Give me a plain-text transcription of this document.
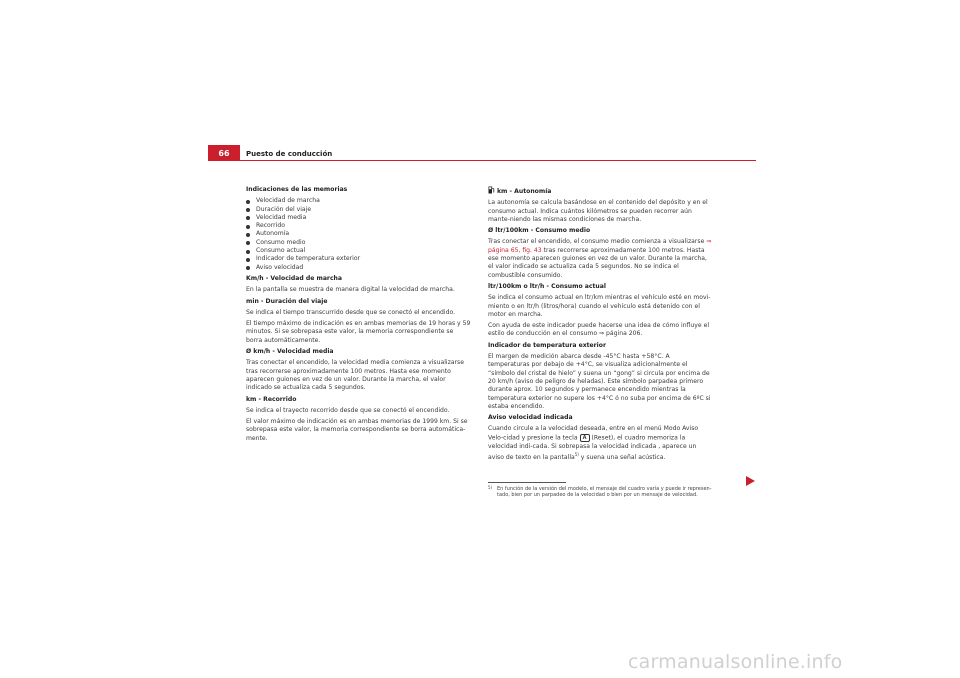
66	Puesto de conducción

Indicaciones de las memorias

Velocidad de marcha
Duración del viaje
Velocidad media
Recorrido
Autonomía
Consumo medio
Consumo actual
Indicador de temperatura exterior
Aviso velocidad

Km/h - Velocidad de marcha

En la pantalla se muestra de manera digital la velocidad de marcha.

min - Duración del viaje

Se indica el tiempo transcurrido desde que se conectó el encendido.

El tiempo máximo de indicación es en ambas memorias de 19 horas y 59 minutos. Si se sobrepasa este valor, la memoria correspondiente se borra automáticamente.

Ø km/h - Velocidad media

Tras conectar el encendido, la velocidad media comienza a visualizarse tras recorrerse aproximadamente 100 metros. Hasta ese momento aparecen guiones en vez de un valor. Durante la marcha, el valor indicado se actualiza cada 5 segundos.

km - Recorrido

Se indica el trayecto recorrido desde que se conectó el encendido.

El valor máximo de indicación es en ambas memorias de 1999 km. Si se sobrepasa este valor, la memoria correspondiente se borra automática-mente.

km - Autonomía

La autonomía se calcula basándose en el contenido del depósito y en el consumo actual. Indica cuántos kilómetros se pueden recorrer aún mante-niendo las mismas condiciones de marcha.

Ø ltr/100km - Consumo medio

Tras conectar el encendido, el consumo medio comienza a visualizarse ⇒ página 65, fig. 43 tras recorrerse aproximadamente 100 metros. Hasta ese momento aparecen guiones en vez de un valor. Durante la marcha, el valor indicado se actualiza cada 5 segundos. No se indica el combustible consumido.

ltr/100km o ltr/h - Consumo actual

Se indica el consumo actual en ltr/km mientras el vehículo esté en movi-miento o en ltr/h (litros/hora) cuando el vehículo está detenido con el motor en marcha.

Con ayuda de este indicador puede hacerse una idea de cómo influye el estilo de conducción en el consumo ⇒ página 206.

Indicador de temperatura exterior

El margen de medición abarca desde -45°C hasta +58°C. A temperaturas por debajo de +4°C, se visualiza adicionalmente el “símbolo del cristal de hielo” y suena un “gong” si circula por encima de 20 km/h (aviso de peligro de heladas). Este símbolo parpadea primero durante aprox. 10 segundos y permanece encendido mientras la temperatura exterior no supere los +4°C ó no suba por encima de 6ºC si estaba encendido.

Aviso velocidad indicada

Cuando circule a la velocidad deseada, entre en el menú Modo Aviso Velo-cidad y presione la tecla A (Reset), el cuadro memoriza la velocidad indi-cada. Si sobrepasa la velocidad indicada , aparece un aviso de texto en la pantalla$^{5)}$ y suena una señal acústica.

5) En función de la versión del modelo, el mensaje del cuadro varía y puede ir represen-tado, bien por un parpadeo de la velocidad o bien por un mensaje de velocidad.
carmanualsonline.info
